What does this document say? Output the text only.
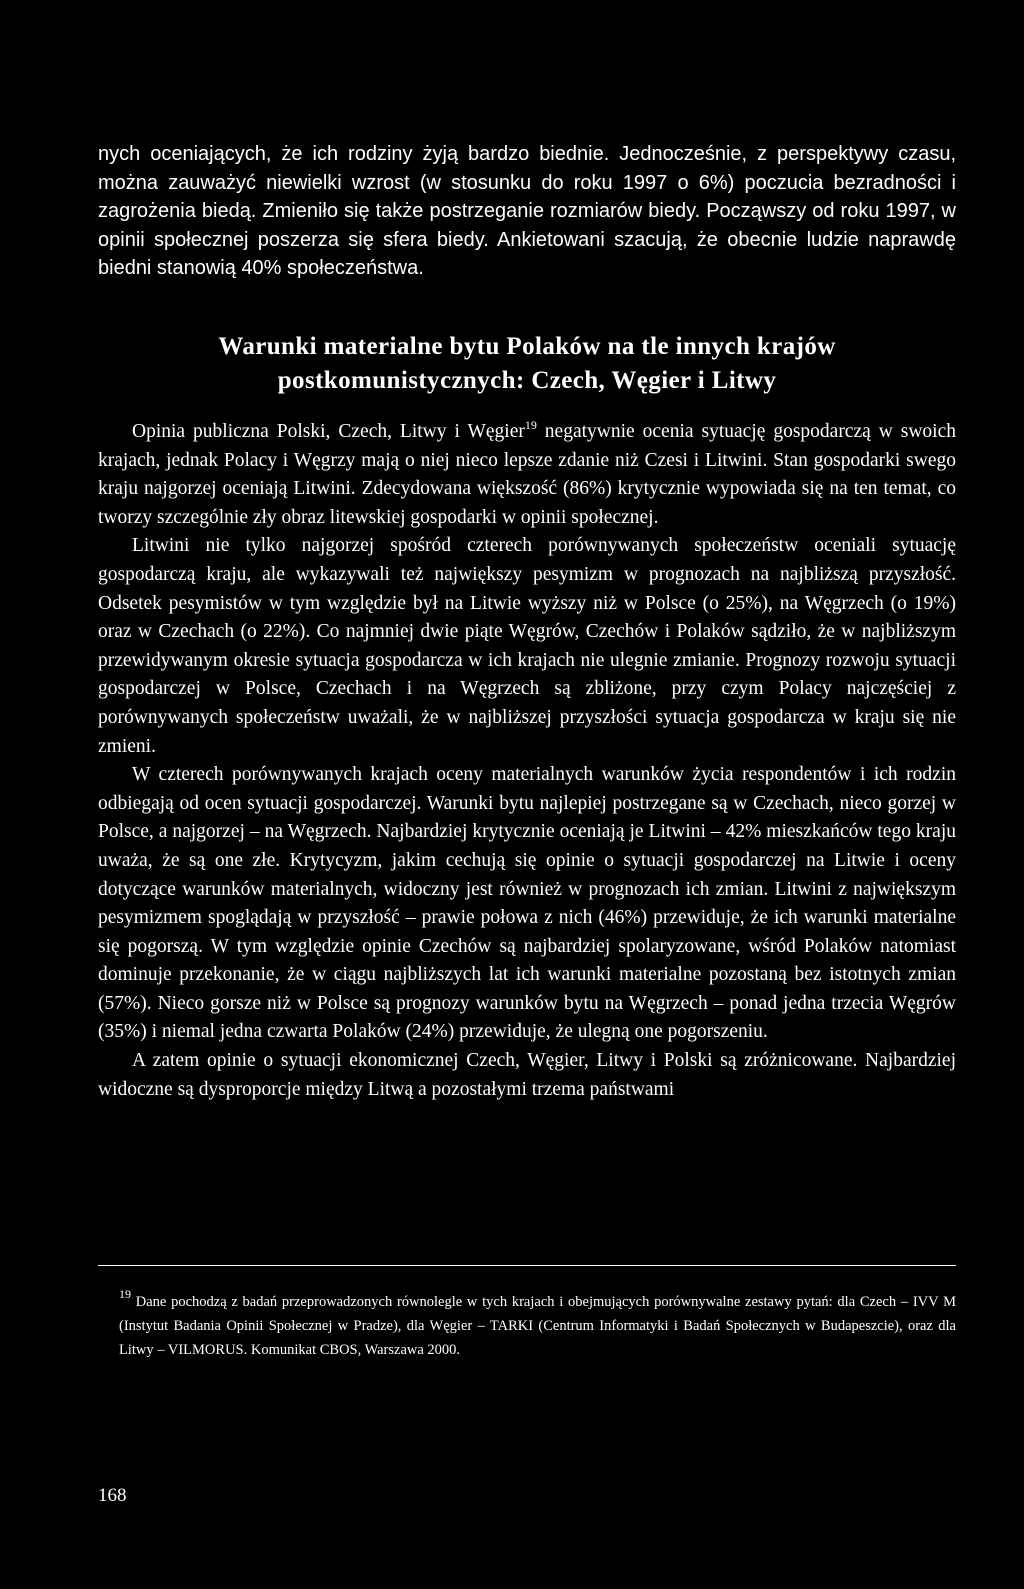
nych oceniających, że ich rodziny żyją bardzo biednie. Jednocześnie, z perspektywy czasu, można zauważyć niewielki wzrost (w stosunku do roku 1997 o 6%) poczucia bezradności i zagrożenia biedą. Zmieniło się także postrzeganie rozmiarów biedy. Począwszy od roku 1997, w opinii społecznej poszerza się sfera biedy. Ankietowani szacują, że obecnie ludzie naprawdę biedni stanowią 40% społeczeństwa.

Warunki materialne bytu Polaków na tle innych krajów
postkomunistycznych: Czech, Węgier i Litwy

Opinia publiczna Polski, Czech, Litwy i Węgier$^{19}$ negatywnie ocenia sytuację gospodarczą w swoich krajach, jednak Polacy i Węgrzy mają o niej nieco lepsze zdanie niż Czesi i Litwini. Stan gospodarki swego kraju najgorzej oceniają Litwini. Zdecydowana większość (86%) krytycznie wypowiada się na ten temat, co tworzy szczególnie zły obraz litewskiej gospodarki w opinii społecznej.

Litwini nie tylko najgorzej spośród czterech porównywanych społeczeństw oceniali sytuację gospodarczą kraju, ale wykazywali też największy pesymizm w prognozach na najbliższą przyszłość. Odsetek pesymistów w tym względzie był na Litwie wyższy niż w Polsce (o 25%), na Węgrzech (o 19%) oraz w Czechach (o 22%). Co najmniej dwie piąte Węgrów, Czechów i Polaków sądziło, że w najbliższym przewidywanym okresie sytuacja gospodarcza w ich krajach nie ulegnie zmianie. Prognozy rozwoju sytuacji gospodarczej w Polsce, Czechach i na Węgrzech są zbliżone, przy czym Polacy najczęściej z porównywanych społeczeństw uważali, że w najbliższej przyszłości sytuacja gospodarcza w kraju się nie zmieni.

W czterech porównywanych krajach oceny materialnych warunków życia respondentów i ich rodzin odbiegają od ocen sytuacji gospodarczej. Warunki bytu najlepiej postrzegane są w Czechach, nieco gorzej w Polsce, a najgorzej – na Węgrzech. Najbardziej krytycznie oceniają je Litwini – 42% mieszkańców tego kraju uważa, że są one złe. Krytycyzm, jakim cechują się opinie o sytuacji gospodarczej na Litwie i oceny dotyczące warunków materialnych, widoczny jest również w prognozach ich zmian. Litwini z największym pesymizmem spoglądają w przyszłość – prawie połowa z nich (46%) przewiduje, że ich warunki materialne się pogorszą. W tym względzie opinie Czechów są najbardziej spolaryzowane, wśród Polaków natomiast dominuje przekonanie, że w ciągu najbliższych lat ich warunki materialne pozostaną bez istotnych zmian (57%). Nieco gorsze niż w Polsce są prognozy warunków bytu na Węgrzech – ponad jedna trzecia Węgrów (35%) i niemal jedna czwarta Polaków (24%) przewiduje, że ulegną one pogorszeniu.

A zatem opinie o sytuacji ekonomicznej Czech, Węgier, Litwy i Polski są zróżnicowane. Najbardziej widoczne są dysproporcje między Litwą a pozostałymi trzema państwami

$^{19}$ Dane pochodzą z badań przeprowadzonych równolegle w tych krajach i obejmujących porównywalne zestawy pytań: dla Czech – IVV M (Instytut Badania Opinii Społecznej w Pradze), dla Węgier – TARKI (Centrum Informatyki i Badań Społecznych w Budapeszcie), oraz dla Litwy – VILMORUS. Komunikat CBOS, Warszawa 2000.
168
